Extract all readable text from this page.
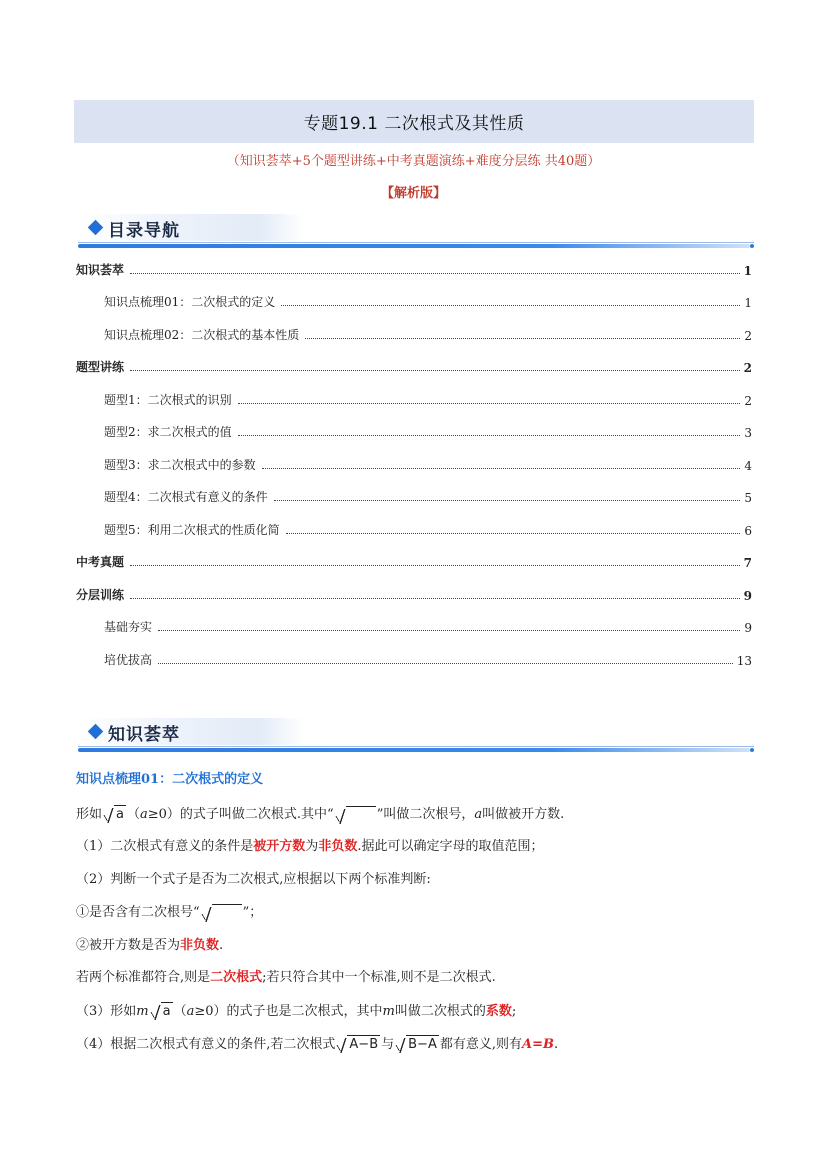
专题19.1 二次根式及其性质
（知识荟萃+5个题型讲练+中考真题演练+难度分层练 共40题）
【解析版】
目录导航
知识荟萃	1
知识点梳理01：二次根式的定义	1
知识点梳理02：二次根式的基本性质	2
题型讲练	2
题型1：二次根式的识别	2
题型2：求二次根式的值	3
题型3：求二次根式中的参数	4
题型4：二次根式有意义的条件	5
题型5：利用二次根式的性质化简	6
中考真题	7
分层训练	9
基础夯实	9
培优拔高	13
知识荟萃
知识点梳理01：二次根式的定义
形如 a （a≥0）的式子叫做二次根式.其中“	”叫做二次根号，a叫做被开方数.
（1）二次根式有意义的条件是被开方数为非负数.据此可以确定字母的取值范围；
（2）判断一个式子是否为二次根式,应根据以下两个标准判断:
①是否含有二次根号“	”；
②被开方数是否为非负数.
若两个标准都符合,则是二次根式;若只符合其中一个标准,则不是二次根式.
（3）形如m a （a≥0）的式子也是二次根式，其中m叫做二次根式的系数;
（4）根据二次根式有意义的条件,若二次根式 A−B 与 B−A 都有意义,则有A=B.
